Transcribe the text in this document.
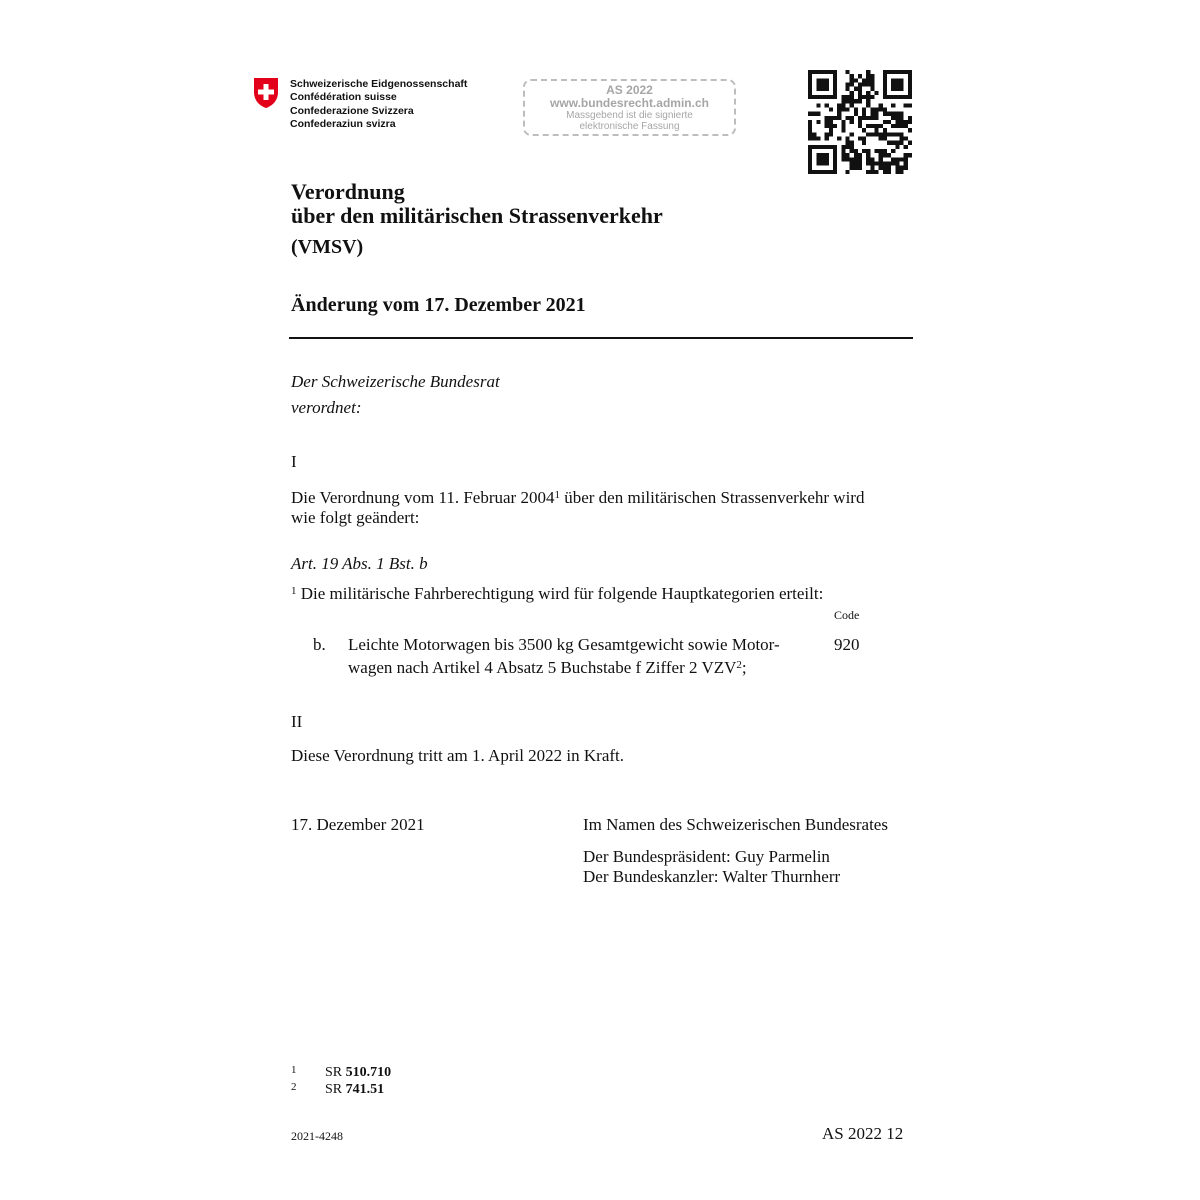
Schweizerische Eidgenossenschaft
Confédération suisse
Confederazione Svizzera
Confederaziun svizra
AS 2022
www.bundesrecht.admin.ch
Massgebend ist die signierte
elektronische Fassung
Verordnung
über den militärischen Strassenverkehr
(VMSV)
Änderung vom 17. Dezember 2021
Der Schweizerische Bundesrat
verordnet:
I
Die Verordnung vom 11. Februar 2004$^1$ über den militärischen Strassenverkehr wird
wie folgt geändert:
Art. 19 Abs. 1 Bst. b
$^1$ Die militärische Fahrberechtigung wird für folgende Hauptkategorien erteilt:
Code
b. Leichte Motorwagen bis 3500 kg Gesamtgewicht sowie Motor-
wagen nach Artikel 4 Absatz 5 Buchstabe f Ziffer 2 VZV$^2$;
920
II
Diese Verordnung tritt am 1. April 2022 in Kraft.
17. Dezember 2021	Im Namen des Schweizerischen Bundesrates
Der Bundespräsident: Guy Parmelin
Der Bundeskanzler: Walter Thurnherr
1 SR 510.710
2 SR 741.51
2021-4248	AS 2022 12
